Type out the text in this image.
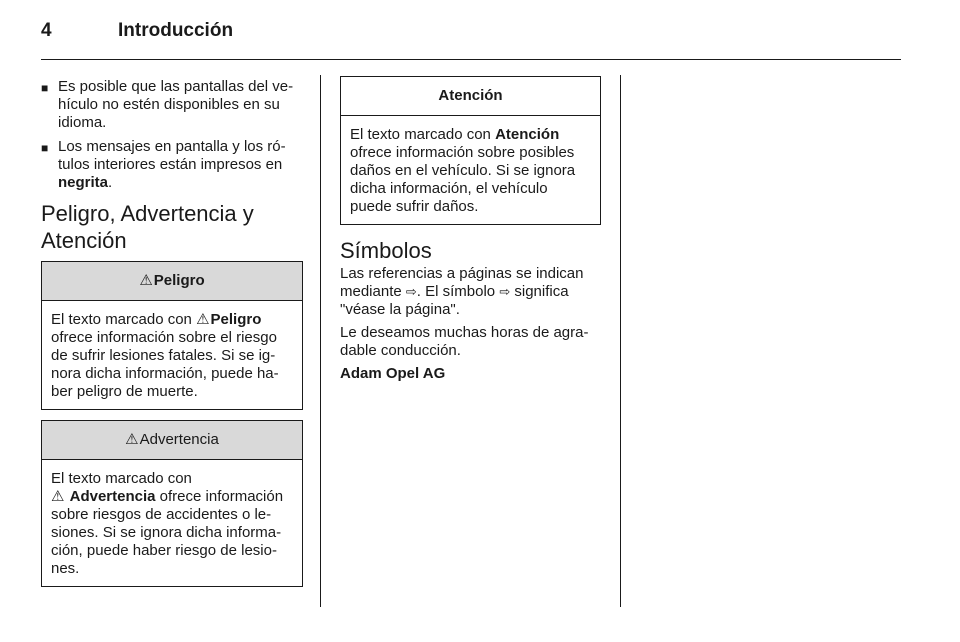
4	Introducción
■ Es posible que las pantallas del ve-hículo no estén disponibles en su idioma.
■ Los mensajes en pantalla y los ró-tulos interiores están impresos en negrita.
Peligro, Advertencia y Atención
⚠ Peligro
El texto marcado con ⚠Peligro ofrece información sobre el riesgo de sufrir lesiones fatales. Si se ig-nora dicha información, puede ha-ber peligro de muerte.
⚠ Advertencia
El texto marcado con
⚠ Advertencia ofrece información sobre riesgos de accidentes o le-siones. Si se ignora dicha informa-ción, puede haber riesgo de lesio-nes.
Atención
El texto marcado con Atención ofrece información sobre posibles daños en el vehículo. Si se ignora dicha información, el vehículo puede sufrir daños.
Símbolos

Las referencias a páginas se indican mediante ⇨. El símbolo ⇨ significa "véase la página".

Le deseamos muchas horas de agra-dable conducción.

Adam Opel AG
